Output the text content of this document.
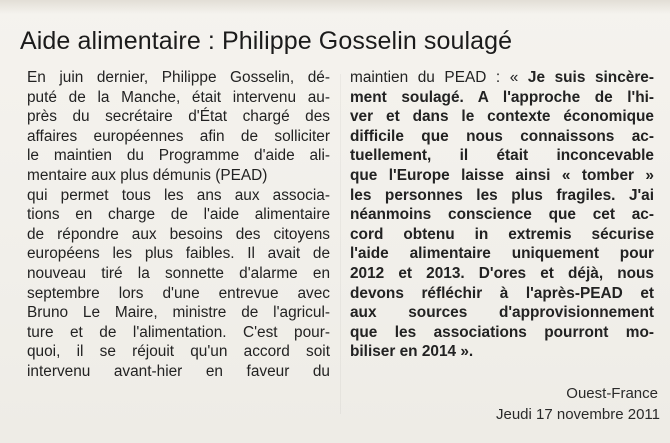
Aide alimentaire : Philippe Gosselin soulagé
En juin dernier, Philippe Gosselin, dé-
puté de la Manche, était intervenu au-
près du secrétaire d'État chargé des
affaires européennes afin de solliciter
le maintien du Programme d'aide ali-
mentaire aux plus démunis (PEAD)
qui permet tous les ans aux associa-
tions en charge de l'aide alimentaire
de répondre aux besoins des citoyens
européens les plus faibles. Il avait de
nouveau tiré la sonnette d'alarme en
septembre lors d'une entrevue avec
Bruno Le Maire, ministre de l'agricul-
ture et de l'alimentation. C'est pour-
quoi, il se réjouit qu'un accord soit
intervenu avant-hier en faveur du
maintien du PEAD : « Je suis sincère-
ment soulagé. A l'approche de l'hi-
ver et dans le contexte économique
difficile que nous connaissons ac-
tuellement, il était inconcevable
que l'Europe laisse ainsi « tomber »
les personnes les plus fragiles. J'ai
néanmoins conscience que cet ac-
cord obtenu in extremis sécurise
l'aide alimentaire uniquement pour
2012 et 2013. D'ores et déjà, nous
devons réfléchir à l'après-PEAD et
aux sources d'approvisionnement
que les associations pourront mo-
biliser en 2014 ».
Ouest-France
Jeudi 17 novembre 2011
